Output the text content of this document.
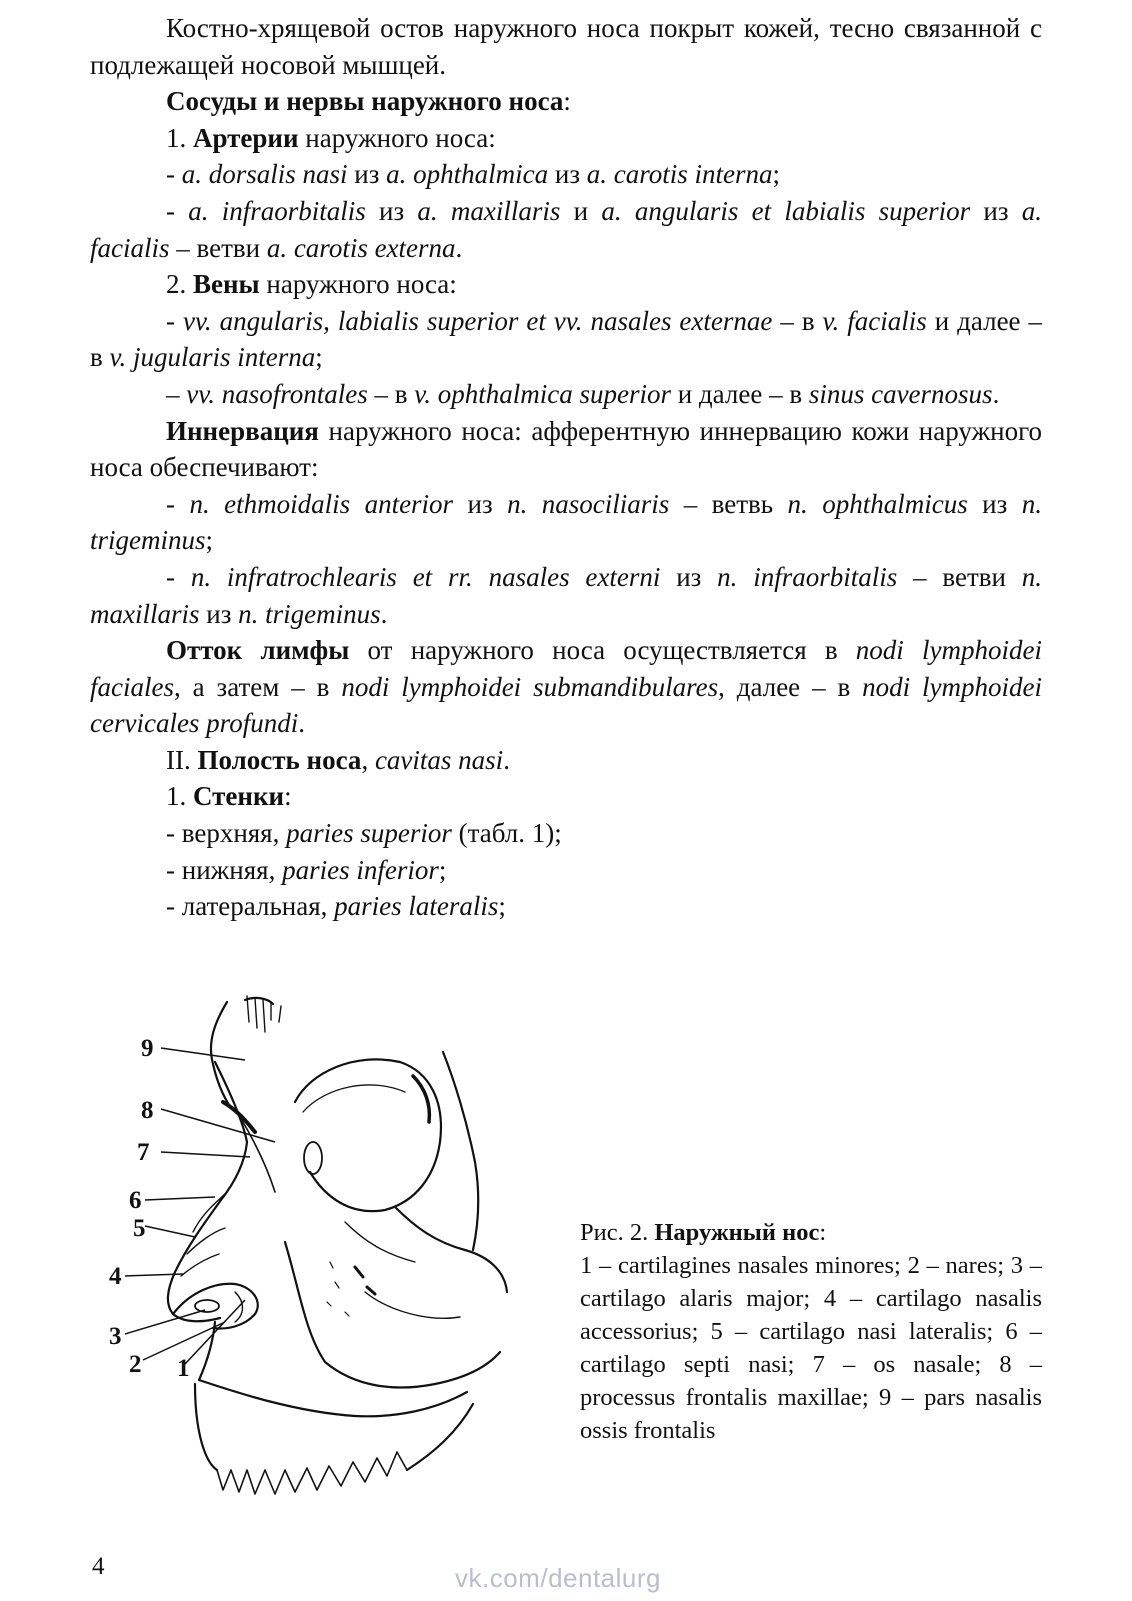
Костно-хрящевой остов наружного носа покрыт кожей, тесно связанной с подлежащей носовой мышцей.

Сосуды и нервы наружного носа:

1. Артерии наружного носа:

- a. dorsalis nasi из a. ophthalmica из a. carotis interna;

- a. infraorbitalis из a. maxillaris и a. angularis et labialis superior из a. facialis – ветви a. carotis externa.

2. Вены наружного носа:

- vv. angularis, labialis superior et vv. nasales externae – в v. facialis и далее – в v. jugularis interna;

– vv. nasofrontales – в v. ophthalmica superior и далее – в sinus cavernosus.

Иннервация наружного носа: афферентную иннервацию кожи наружного носа обеспечивают:

- n. ethmoidalis anterior из n. nasociliaris – ветвь n. ophthalmicus из n. trigeminus;

- n. infratrochlearis et rr. nasales externi из n. infraorbitalis – ветви n. maxillaris из n. trigeminus.

Отток лимфы от наружного носа осуществляется в nodi lymphoidei faciales, а затем – в nodi lymphoidei submandibulares, далее – в nodi lymphoidei cervicales profundi.

II. Полость носа, cavitas nasi.

1. Стенки:

- верхняя, paries superior (табл. 1);

- нижняя, paries inferior;

- латеральная, paries lateralis;

9
8
7
6
5
4
3
2 1
Рис. 2. Наружный нос:
1 – cartilagines nasales minores; 2 – nares; 3 – cartilago alaris major; 4 – cartilago nasalis accessorius; 5 – cartilago nasi lateralis; 6 – cartilago septi nasi; 7 – os nasale; 8 – processus frontalis maxillae; 9 – pars nasalis ossis frontalis
4	vk.com/dentalurg
